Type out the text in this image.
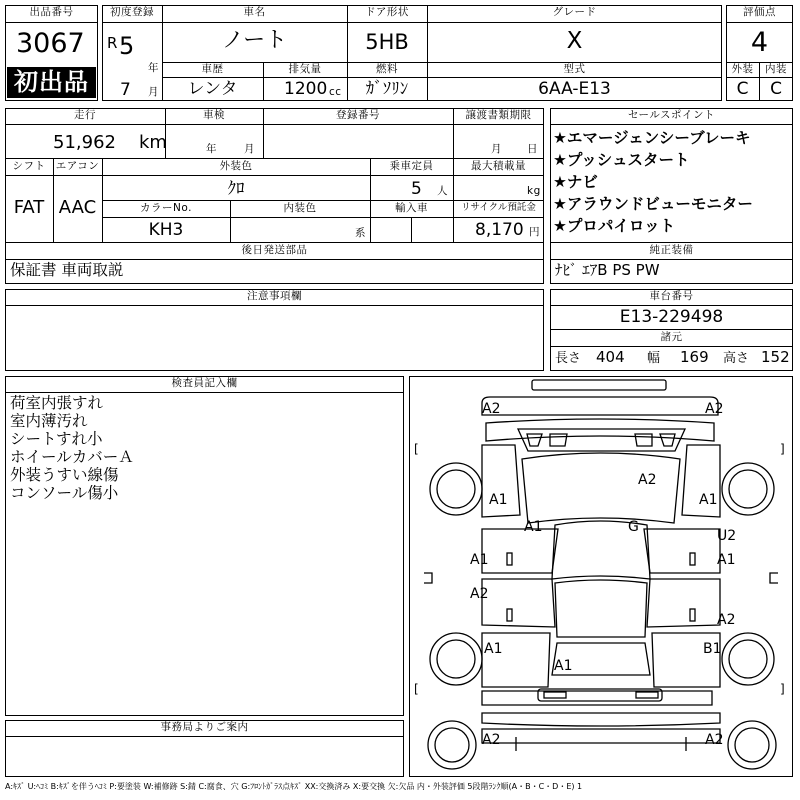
出品番号
3067
初出品
初度登録
R 5
年
7 月
車名
ノート
車歴
レンタ
排気量
1200 cc
ドア形状
5HB
燃料
ｶﾞｿﾘﾝ
グレード
X
型式
6AA-E13
評価点
4
外装	内装
C	C
走行
51,962 km
車検
年	月
登録番号	譲渡書類期限
月 日
シフト
FAT
エアコン
AAC
外装色
ｸﾛ
乗車定員
5 人
最大積載量
kg
カラーNo.
KH3
内装色
系
輸入車	リサイクル預託金
8,170 円
後日発送部品
保証書 車両取説
セールスポイント
★エマージェンシーブレーキ
★プッシュスタート
★ナビ
★アラウンドビューモニター
★プロパイロット
純正装備
ﾅﾋﾞ ｴｱB PS PW
注意事項欄	車台番号
E13-229498
諸元
長さ 404 幅 169 高さ 152
検査員記入欄
荷室内張すれ
室内薄汚れ
シートすれ小
ホイールカバーＡ
外装うすい線傷
コンソール傷小
事務局よりご案内
A2	A2
A2
A1	A1
G
U2
A1
A1	A1
A2
A2
A1	B1
A1
A2	A2
[	]
[	]
A:ｷｽﾞ U:ﾍｺﾐ B:ｷｽﾞを伴うﾍｺﾐ P:要塗装 W:補修跡 S:錆 C:腐食、穴 G:ﾌﾛﾝﾄｶﾞﾗｽ点ｷｽﾞ XX:交換済み X:要交換 欠:欠品 内・外装評価 5段階ﾗﾝｸ順(A・B・C・D・E) 1
